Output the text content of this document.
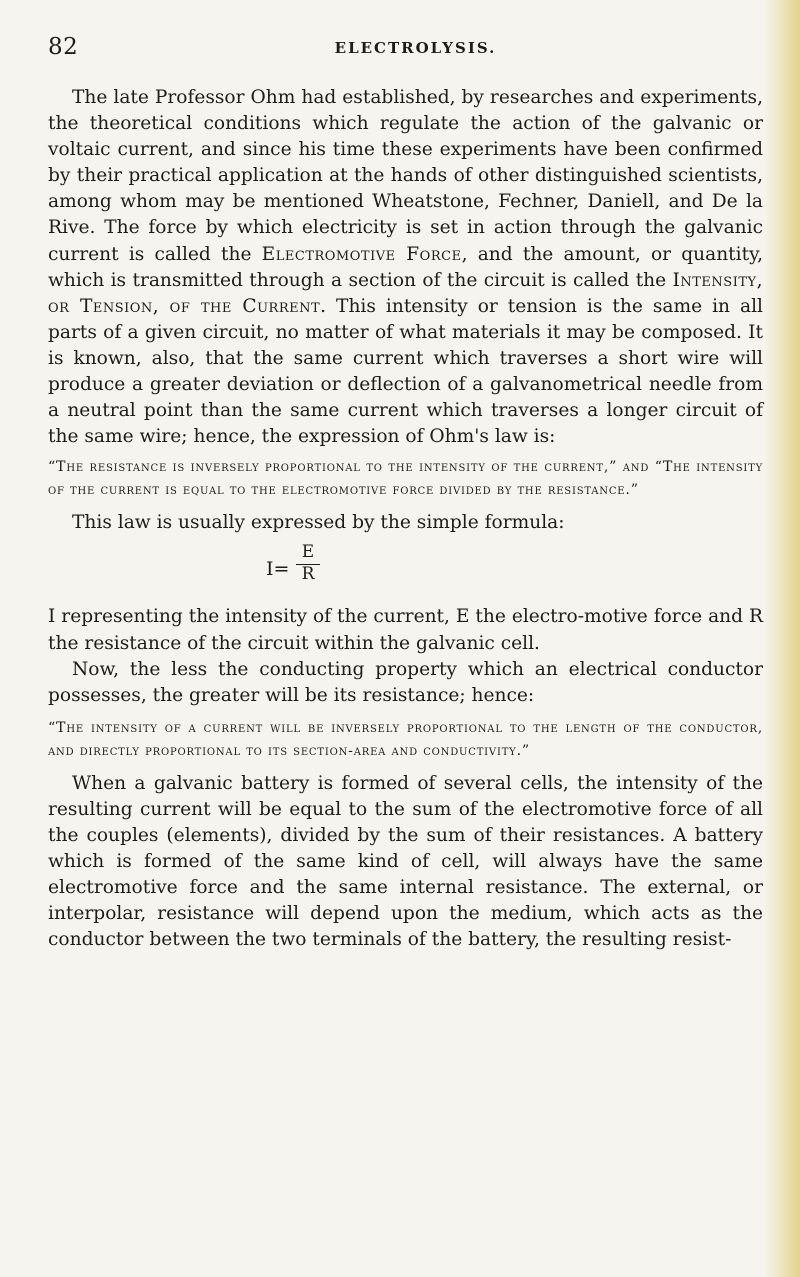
82	ELECTROLYSIS.

The late Professor Ohm had established, by researches and experiments, the theoretical conditions which regulate the action of the galvanic or voltaic current, and since his time these experiments have been confirmed by their practical application at the hands of other distinguished scientists, among whom may be mentioned Wheatstone, Fechner, Daniell, and De la Rive. The force by which electricity is set in action through the galvanic current is called the Electromotive Force, and the amount, or quantity, which is transmitted through a section of the circuit is called the Intensity, or Tension, of the Current. This intensity or tension is the same in all parts of a given circuit, no matter of what materials it may be composed. It is known, also, that the same current which traverses a short wire will produce a greater deviation or deflection of a galvanometrical needle from a neutral point than the same current which traverses a longer circuit of the same wire; hence, the expression of Ohm's law is:

“The resistance is inversely proportional to the intensity of the current,” and “The intensity of the current is equal to the electromotive force divided by the resistance.”

This law is usually expressed by the simple formula:

I=
E
R

I representing the intensity of the current, E the electro-motive force and R the resistance of the circuit within the galvanic cell.

Now, the less the conducting property which an electrical conductor possesses, the greater will be its resistance; hence:

“The intensity of a current will be inversely proportional to the length of the conductor, and directly proportional to its section-area and conductivity.”

When a galvanic battery is formed of several cells, the intensity of the resulting current will be equal to the sum of the electromotive force of all the couples (elements), divided by the sum of their resistances. A battery which is formed of the same kind of cell, will always have the same electromotive force and the same internal resistance. The external, or interpolar, resistance will depend upon the medium, which acts as the conductor between the two terminals of the battery, the resulting resist-
